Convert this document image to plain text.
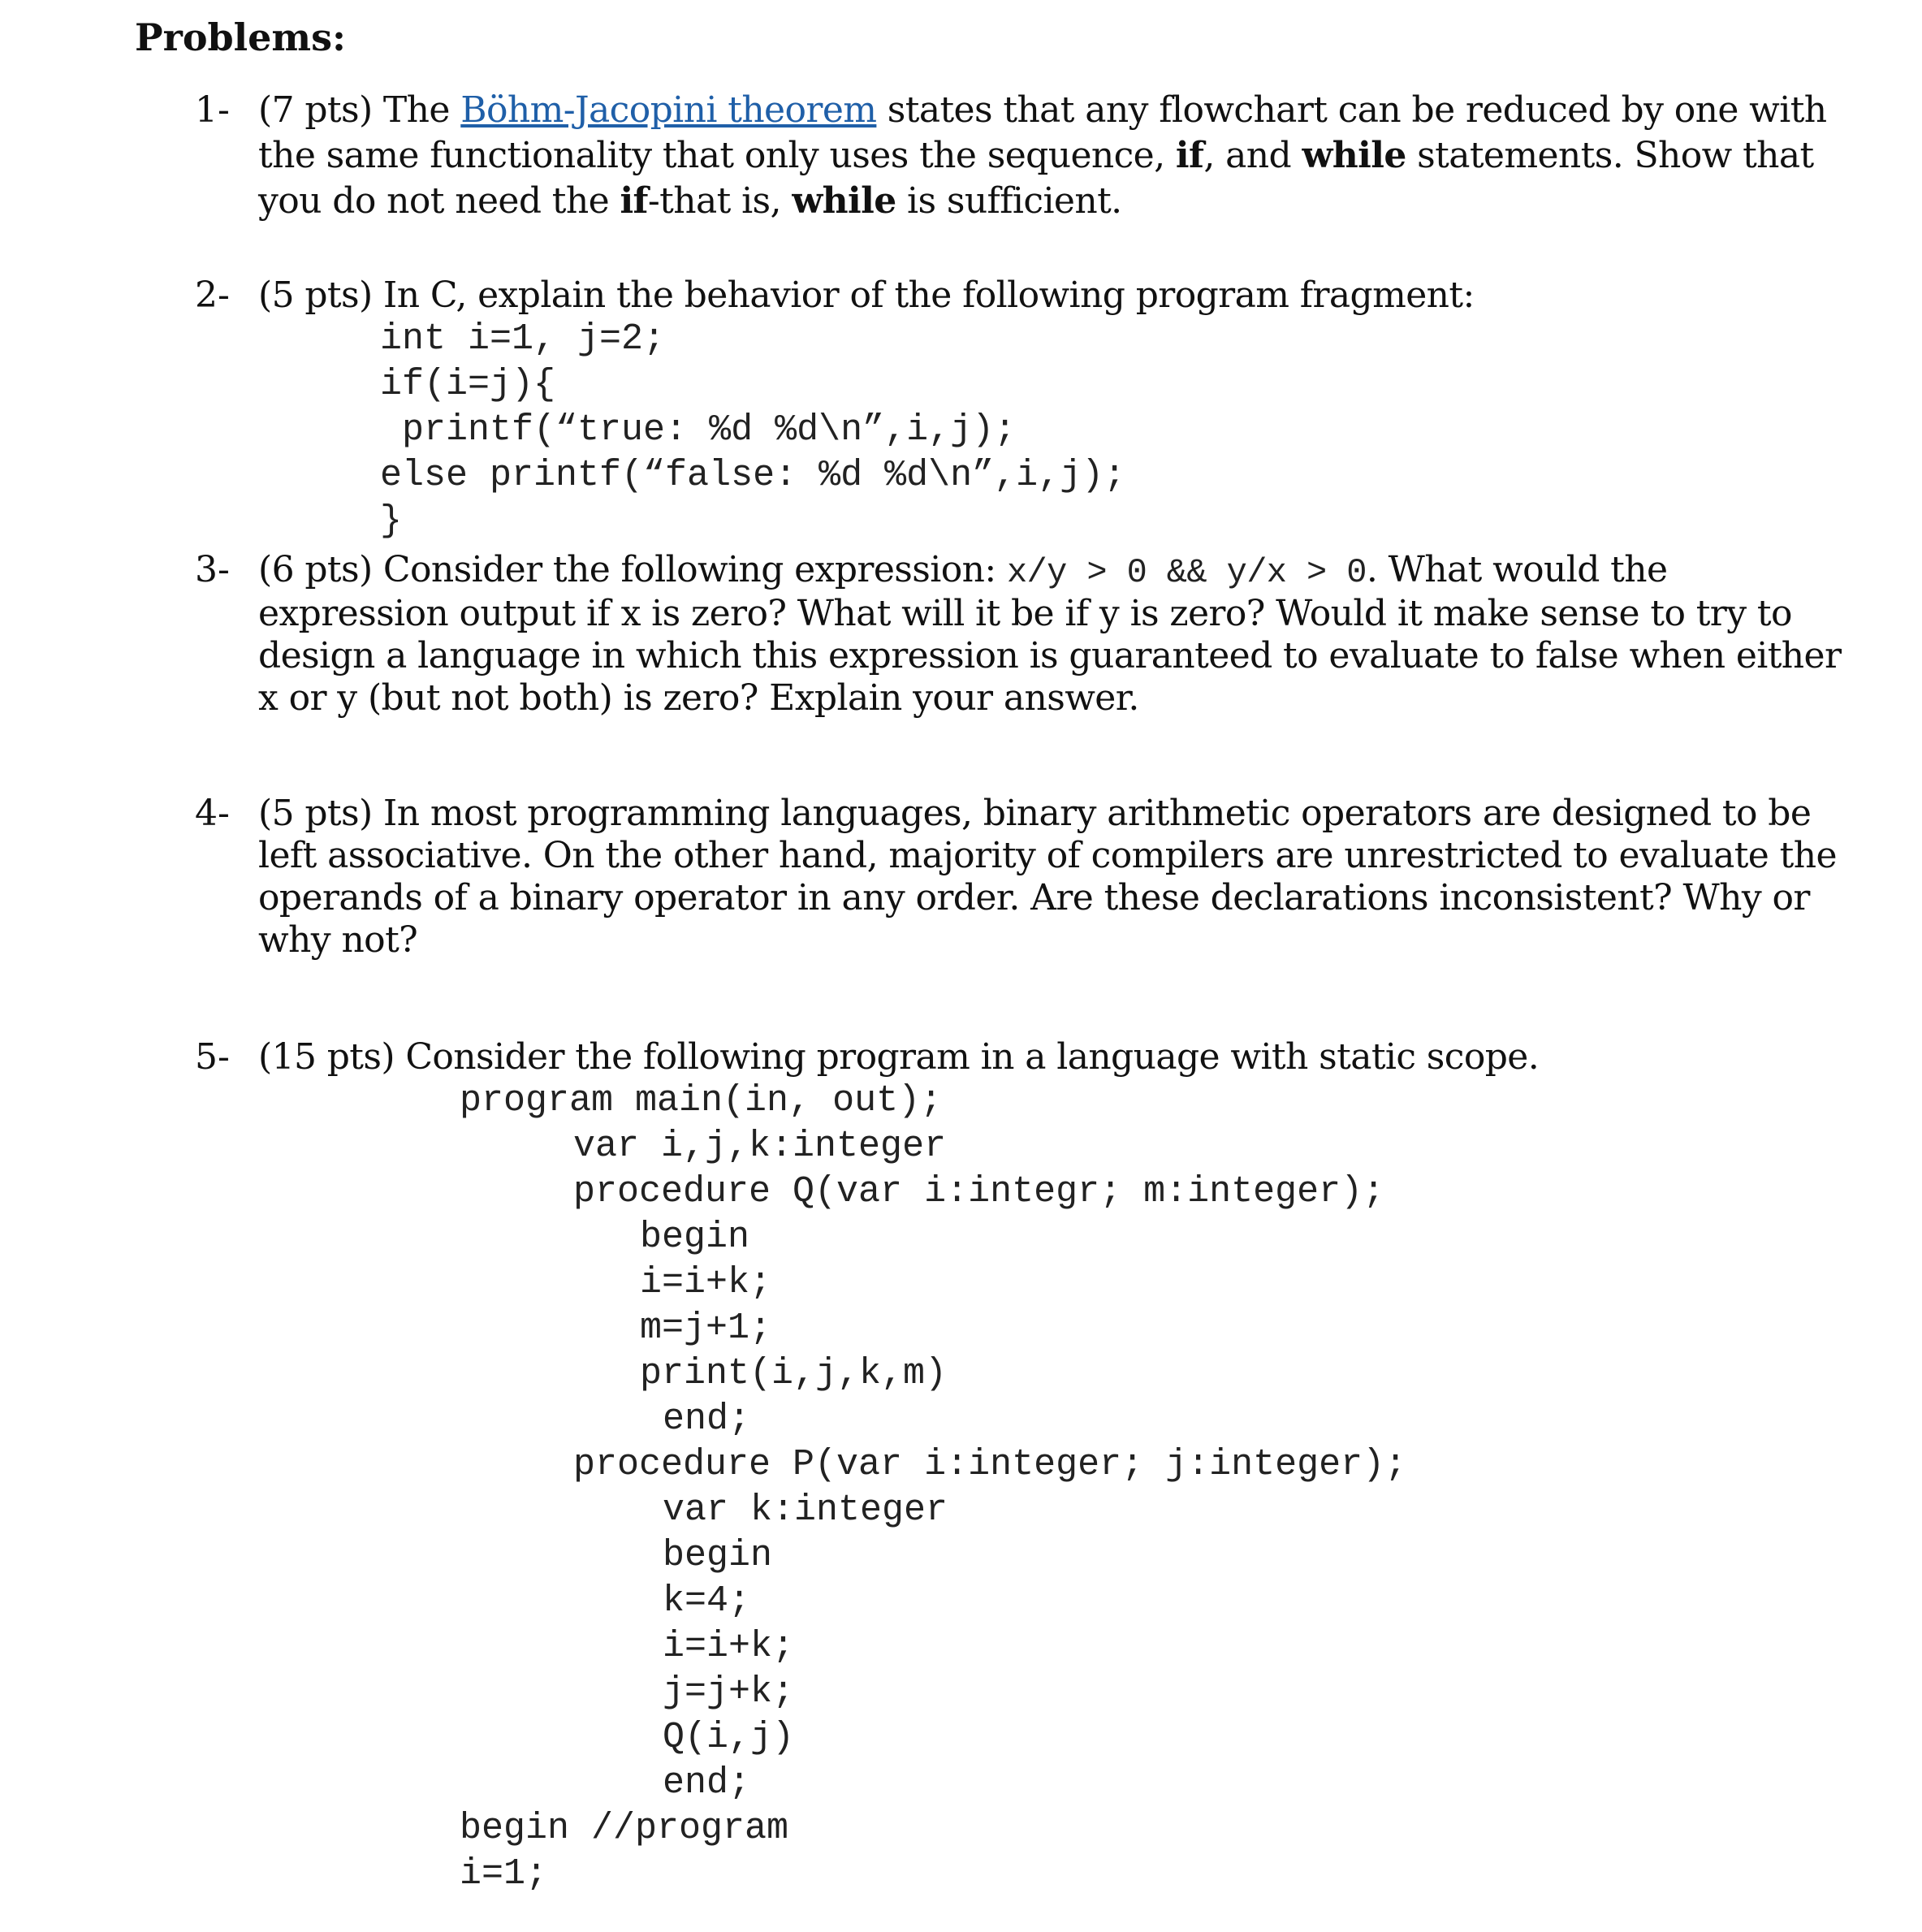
Problems:
1- (7 pts) The Böhm-Jacopini theorem states that any flowchart can be reduced by one with
the same functionality that only uses the sequence, if, and while statements. Show that
you do not need the if-that is, while is sufficient.
2- (5 pts) In C, explain the behavior of the following program fragment:
int i=1, j=2;
if(i=j){
printf(“true: %d %d\n”,i,j);
else printf(“false: %d %d\n”,i,j);
}
3- (6 pts) Consider the following expression: x/y > 0 && y/x > 0. What would the
expression output if x is zero? What will it be if y is zero? Would it make sense to try to
design a language in which this expression is guaranteed to evaluate to false when either
x or y (but not both) is zero? Explain your answer.
4- (5 pts) In most programming languages, binary arithmetic operators are designed to be
left associative. On the other hand, majority of compilers are unrestricted to evaluate the
operands of a binary operator in any order. Are these declarations inconsistent? Why or
why not?
5- (15 pts) Consider the following program in a language with static scope.
program main(in, out);
var i,j,k:integer
procedure Q(var i:integr; m:integer);
begin
i=i+k;
m=j+1;
print(i,j,k,m)
end;
procedure P(var i:integer; j:integer);
var k:integer
begin
k=4;
i=i+k;
j=j+k;
Q(i,j)
end;
begin //program
i=1;
